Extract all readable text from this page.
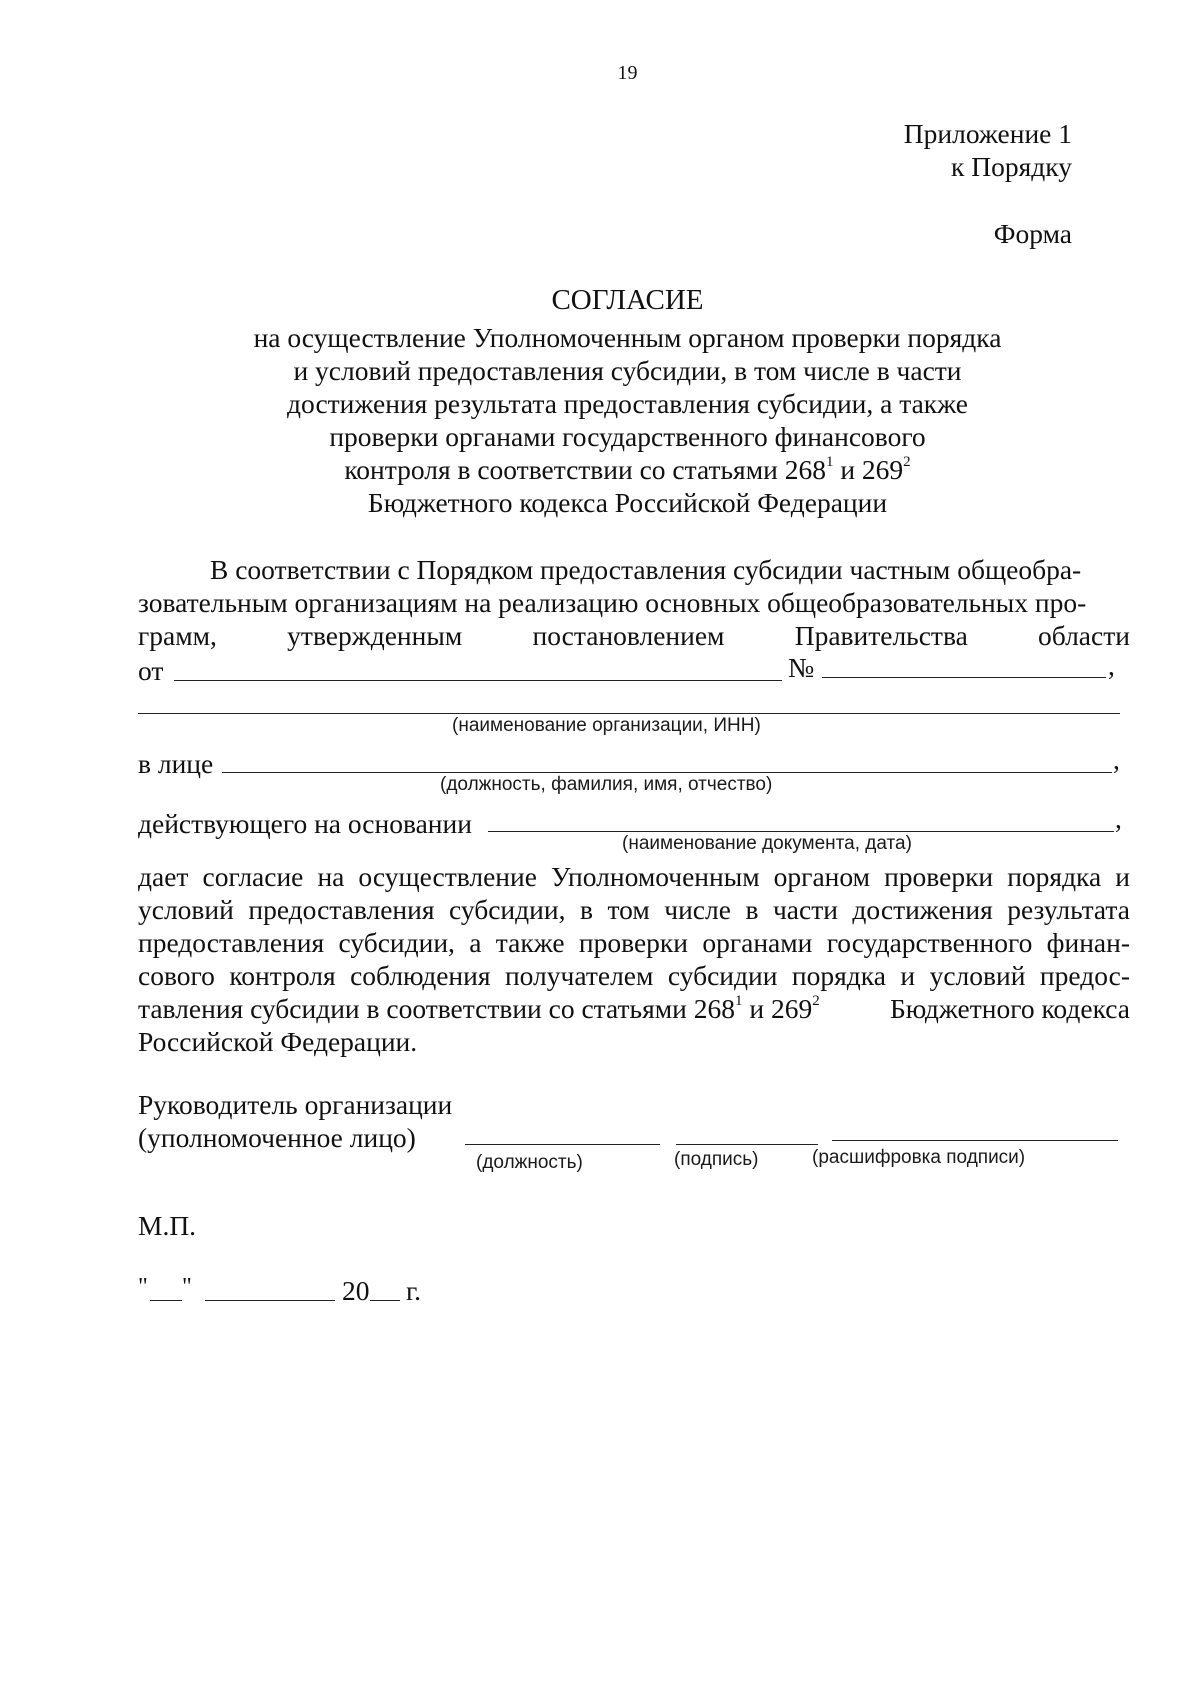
19
Приложение 1
к Порядку
Форма
СОГЛАСИЕ
на осуществление Уполномоченным органом проверки порядка
и условий предоставления субсидии, в том числе в части
достижения результата предоставления субсидии, а также
проверки органами государственного финансового
контроля в соответствии со статьями $268^1$ и $269^2$
Бюджетного кодекса Российской Федерации
В соответствии с Порядком предоставления субсидии частным общеобра-
зовательным организациям на реализацию основных общеобразовательных про-
грамм,	утвержденным	постановлением	Правительства	области
от	№	,
(наименование организации, ИНН)
в лице	,
(должность, фамилия, имя, отчество)
действующего на основании	,
(наименование документа, дата)
дает согласие на осуществление Уполномоченным органом проверки порядка и
условий предоставления субсидии, в том числе в части достижения результата
предоставления субсидии, а также проверки органами государственного финан-
сового контроля соблюдения получателем субсидии порядка и условий предос-
тавления субсидии в соответствии со статьями $268^1$ и $269^2$	Бюджетного кодекса
Российской Федерации.
Руководитель организации
(уполномоченное лицо)
(должность)	(подпись)	(расшифровка подписи)
М.П.
" "	20 г.
